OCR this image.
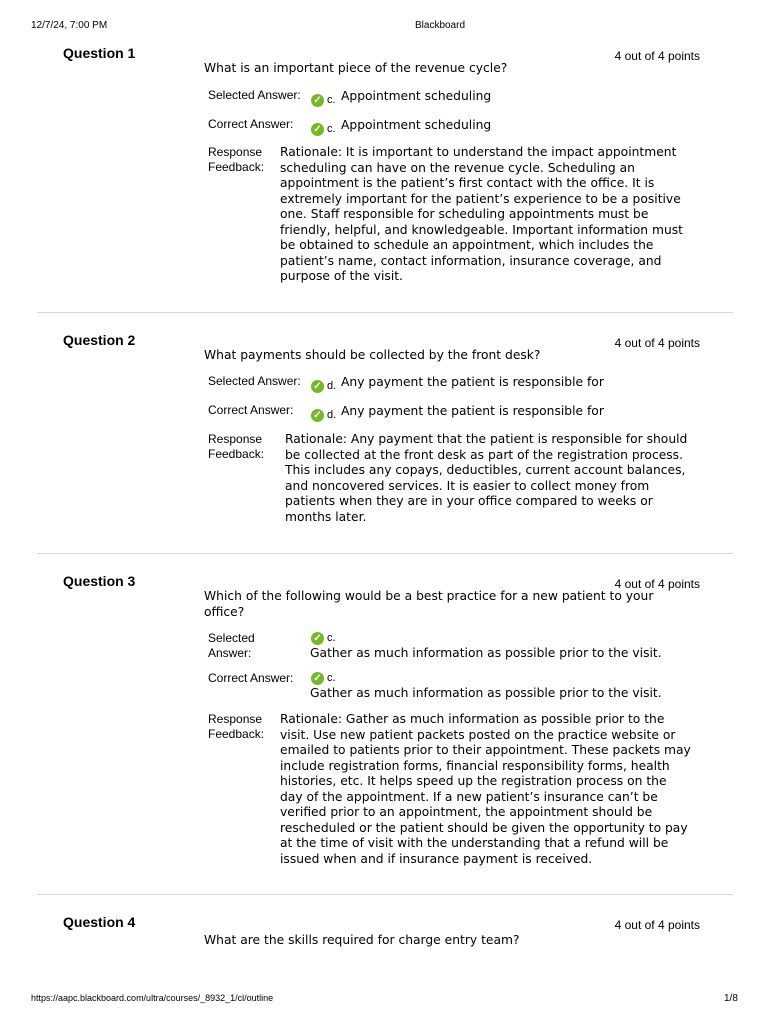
12/7/24, 7:00 PM	Blackboard
Question 1	4 out of 4 points
What is an important piece of the revenue cycle?
Selected Answer: ✓ c. Appointment scheduling
Correct Answer: ✓ c. Appointment scheduling
Response
Feedback:
Rationale: It is important to understand the impact appointment
scheduling can have on the revenue cycle. Scheduling an
appointment is the patient’s first contact with the office. It is
extremely important for the patient’s experience to be a positive
one. Staff responsible for scheduling appointments must be
friendly, helpful, and knowledgeable. Important information must
be obtained to schedule an appointment, which includes the
patient’s name, contact information, insurance coverage, and
purpose of the visit.
Question 2	4 out of 4 points
What payments should be collected by the front desk?
Selected Answer: ✓ d. Any payment the patient is responsible for
Correct Answer: ✓ d. Any payment the patient is responsible for
Response
Feedback:
Rationale: Any payment that the patient is responsible for should
be collected at the front desk as part of the registration process.
This includes any copays, deductibles, current account balances,
and noncovered services. It is easier to collect money from
patients when they are in your office compared to weeks or
months later.
Question 3	4 out of 4 points
Which of the following would be a best practice for a new patient to your
office?
Selected
Answer:
✓ c.
Gather as much information as possible prior to the visit.
Correct Answer: ✓ c.
Gather as much information as possible prior to the visit.
Response
Feedback:
Rationale: Gather as much information as possible prior to the
visit. Use new patient packets posted on the practice website or
emailed to patients prior to their appointment. These packets may
include registration forms, financial responsibility forms, health
histories, etc. It helps speed up the registration process on the
day of the appointment. If a new patient’s insurance can’t be
verified prior to an appointment, the appointment should be
rescheduled or the patient should be given the opportunity to pay
at the time of visit with the understanding that a refund will be
issued when and if insurance payment is received.
Question 4	4 out of 4 points
What are the skills required for charge entry team?
https://aapc.blackboard.com/ultra/courses/_8932_1/cl/outline	1/8
